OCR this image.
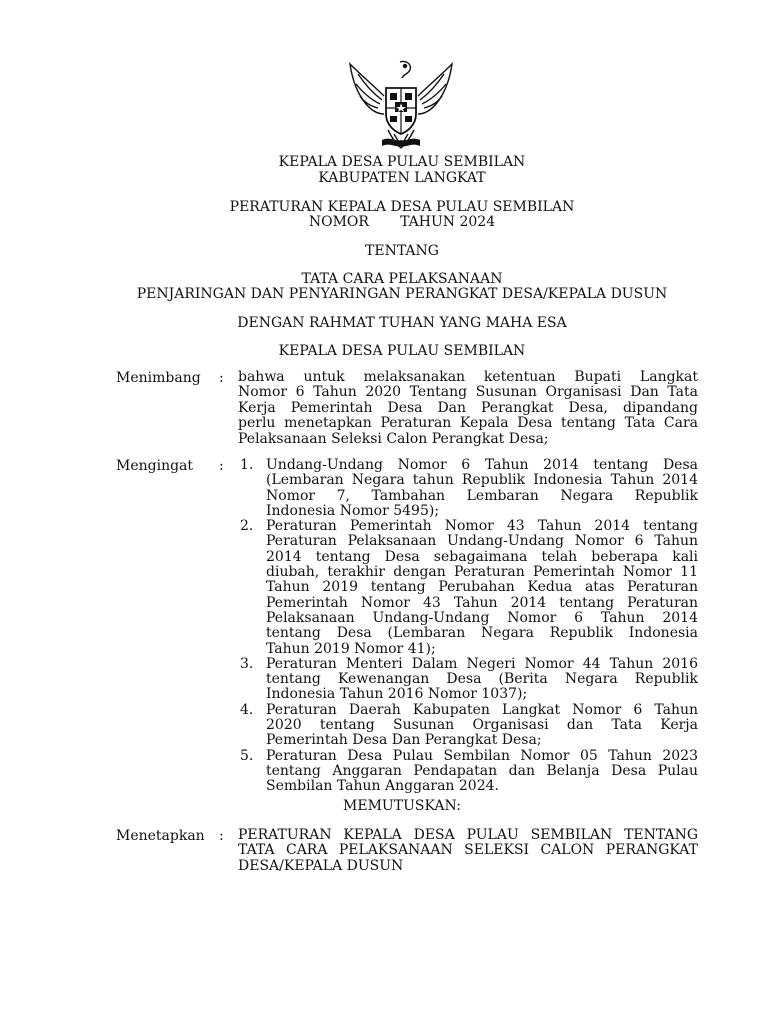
KEPALA DESA PULAU SEMBILAN
KABUPATEN LANGKAT
PERATURAN KEPALA DESA PULAU SEMBILAN
NOMOR       TAHUN 2024
TENTANG
TATA CARA PELAKSANAAN
PENJARINGAN DAN PENYARINGAN PERANGKAT DESA/KEPALA DUSUN
DENGAN RAHMAT TUHAN YANG MAHA ESA
KEPALA DESA PULAU SEMBILAN
Menimbang : bahwa untuk melaksanakan ketentuan Bupati Langkat
Nomor 6 Tahun 2020 Tentang Susunan Organisasi Dan Tata
Kerja Pemerintah Desa Dan Perangkat Desa, dipandang
perlu menetapkan Peraturan Kepala Desa tentang Tata Cara
Pelaksanaan Seleksi Calon Perangkat Desa;
Mengingat : 1. Undang-Undang Nomor 6 Tahun 2014 tentang Desa
(Lembaran Negara tahun Republik Indonesia Tahun 2014
Nomor 7, Tambahan Lembaran Negara Republik
Indonesia Nomor 5495);
2. Peraturan Pemerintah Nomor 43 Tahun 2014 tentang
Peraturan Pelaksanaan Undang-Undang Nomor 6 Tahun
2014 tentang Desa sebagaimana telah beberapa kali
diubah, terakhir dengan Peraturan Pemerintah Nomor 11
Tahun 2019 tentang Perubahan Kedua atas Peraturan
Pemerintah Nomor 43 Tahun 2014 tentang Peraturan
Pelaksanaan Undang-Undang Nomor 6 Tahun 2014
tentang Desa (Lembaran Negara Republik Indonesia
Tahun 2019 Nomor 41);
3. Peraturan Menteri Dalam Negeri Nomor 44 Tahun 2016
tentang Kewenangan Desa (Berita Negara Republik
Indonesia Tahun 2016 Nomor 1037);
4. Peraturan Daerah Kabupaten Langkat Nomor 6 Tahun
2020 tentang Susunan Organisasi dan Tata Kerja
Pemerintah Desa Dan Perangkat Desa;
5. Peraturan Desa Pulau Sembilan Nomor 05 Tahun 2023
tentang Anggaran Pendapatan dan Belanja Desa Pulau
Sembilan Tahun Anggaran 2024.
MEMUTUSKAN:
Menetapkan : PERATURAN KEPALA DESA PULAU SEMBILAN TENTANG
TATA CARA PELAKSANAAN SELEKSI CALON PERANGKAT
DESA/KEPALA DUSUN
